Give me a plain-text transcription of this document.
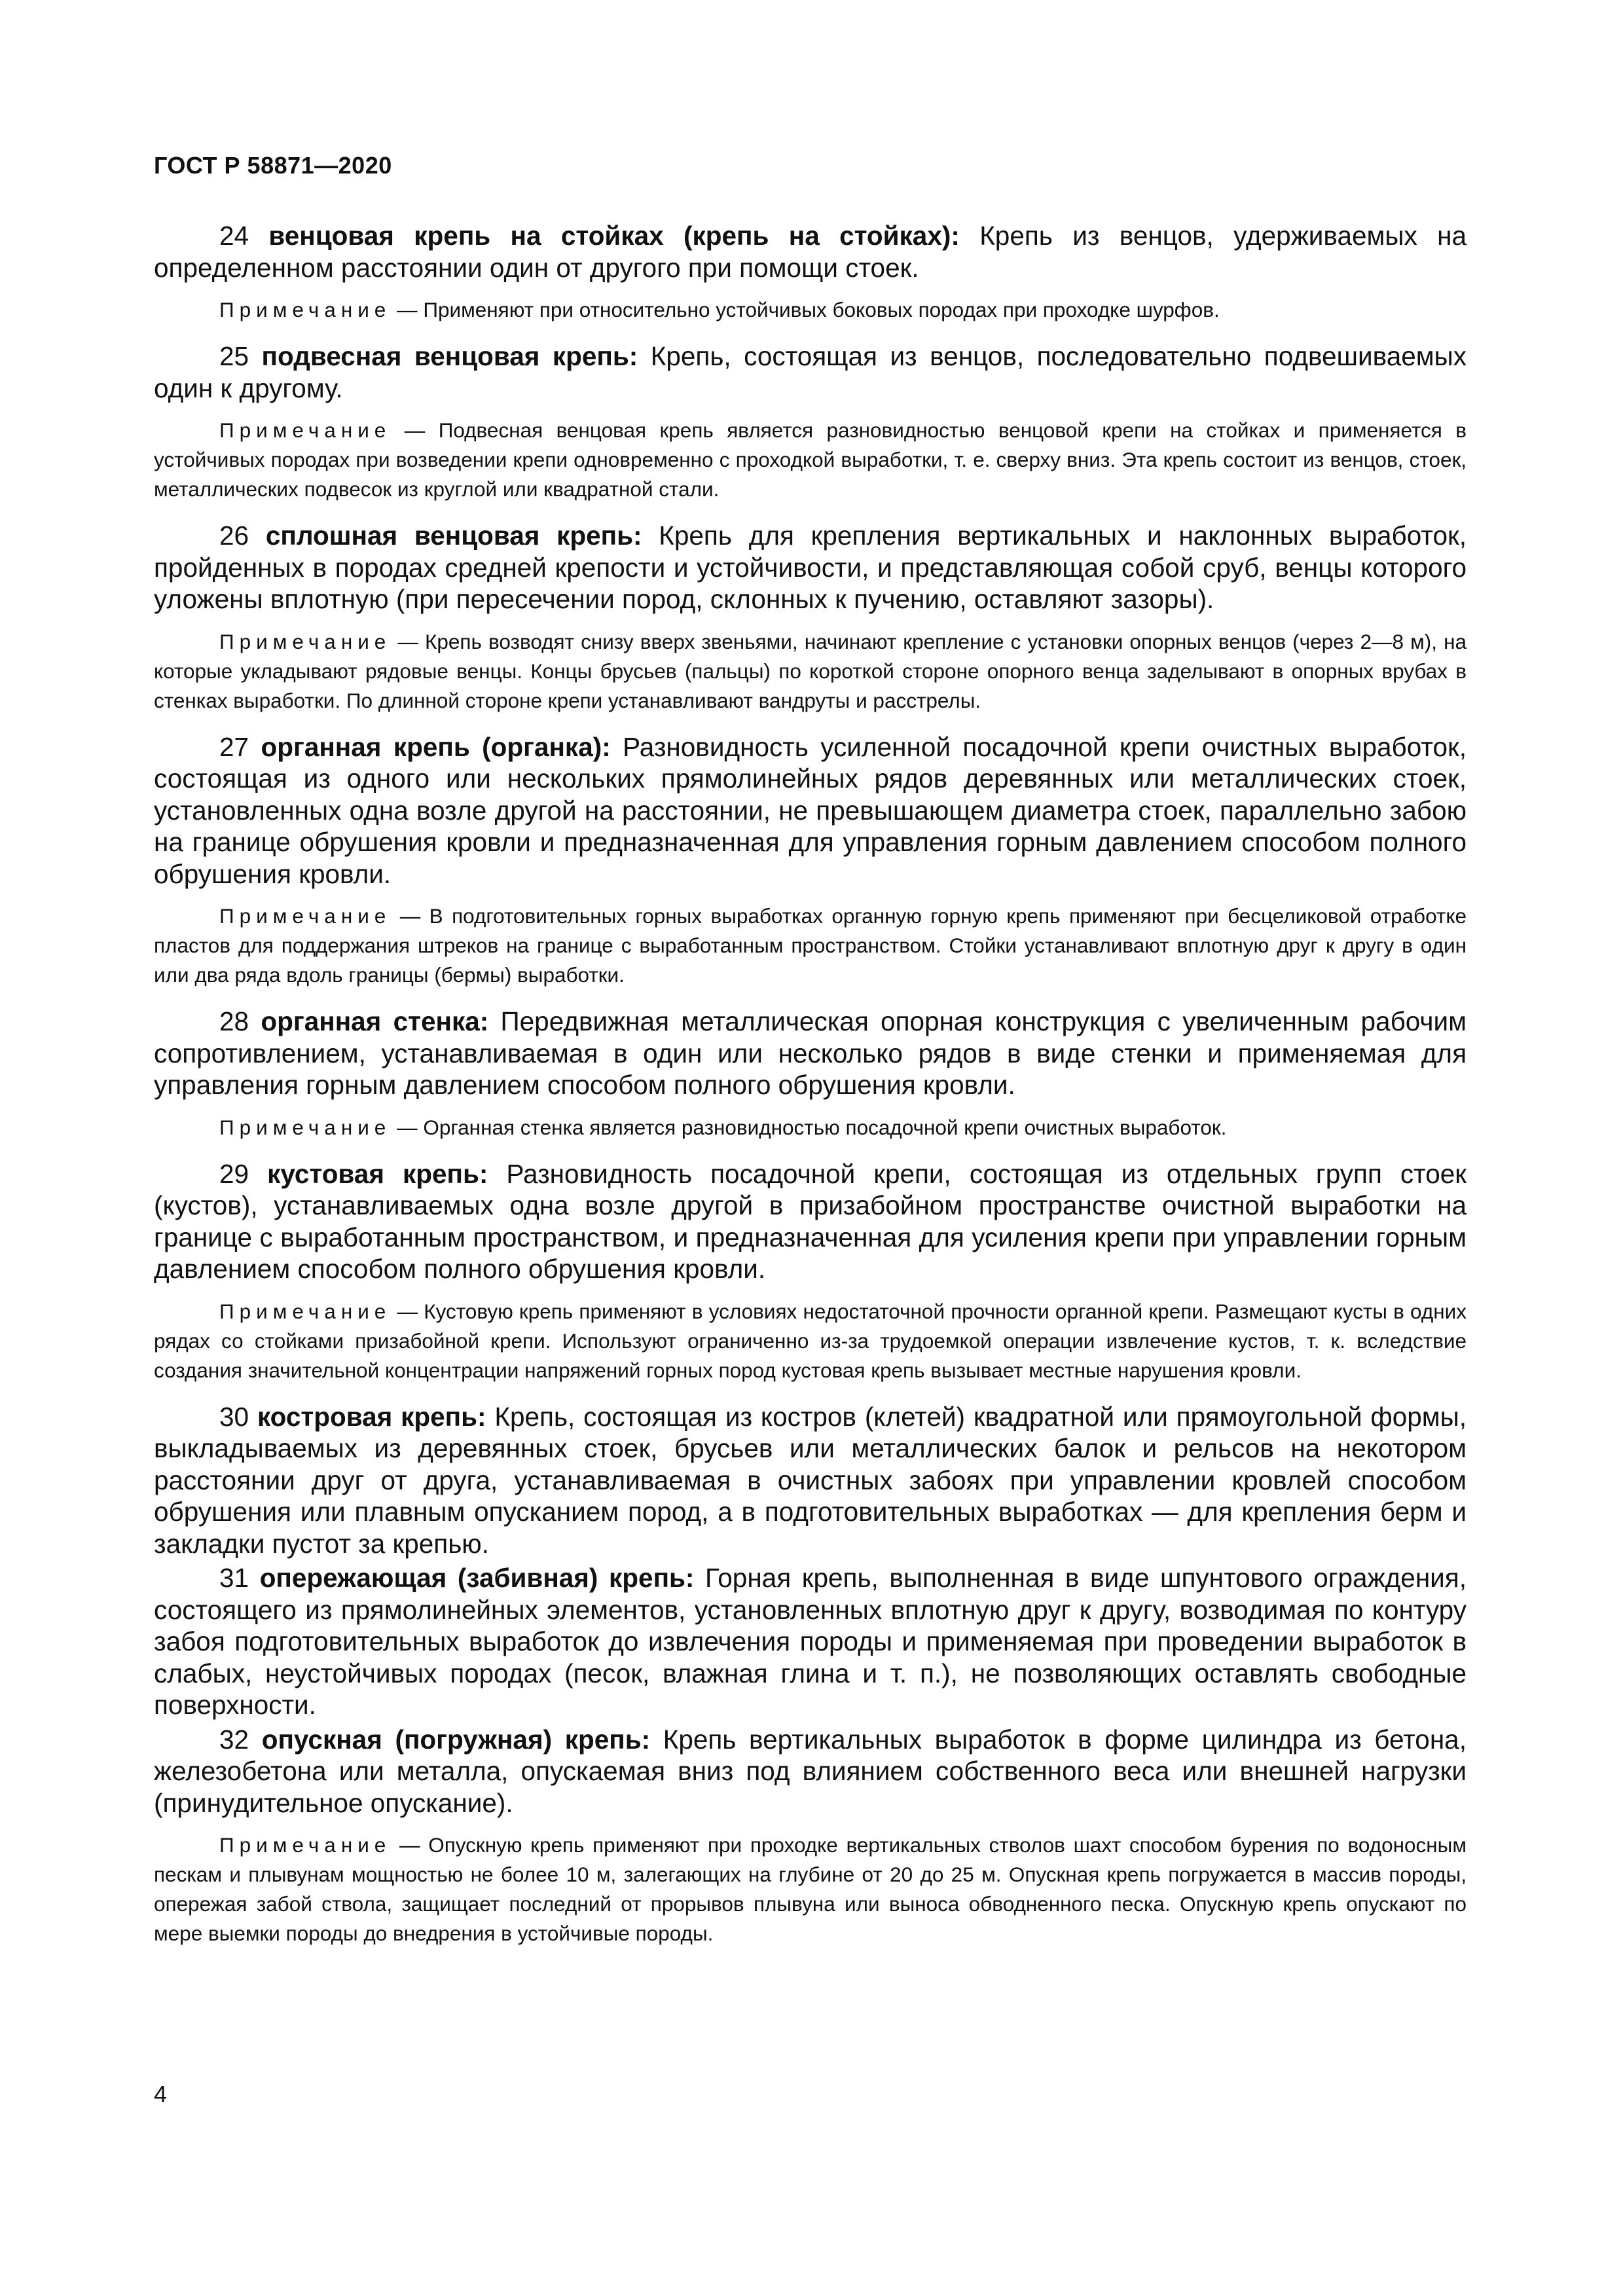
ГОСТ Р 58871—2020

24 венцовая крепь на стойках (крепь на стойках): Крепь из венцов, удерживаемых на определенном расстоянии один от другого при помощи стоек.

Примечание — Применяют при относительно устойчивых боковых породах при проходке шурфов.

25 подвесная венцовая крепь: Крепь, состоящая из венцов, последовательно подвешиваемых один к другому.

Примечание — Подвесная венцовая крепь является разновидностью венцовой крепи на стойках и применяется в устойчивых породах при возведении крепи одновременно с проходкой выработки, т. е. сверху вниз. Эта крепь состоит из венцов, стоек, металлических подвесок из круглой или квадратной стали.

26 сплошная венцовая крепь: Крепь для крепления вертикальных и наклонных выработок, пройденных в породах средней крепости и устойчивости, и представляющая собой сруб, венцы которого уложены вплотную (при пересечении пород, склонных к пучению, оставляют зазоры).

Примечание — Крепь возводят снизу вверх звеньями, начинают крепление с установки опорных венцов (через 2—8 м), на которые укладывают рядовые венцы. Концы брусьев (пальцы) по короткой стороне опорного венца заделывают в опорных врубах в стенках выработки. По длинной стороне крепи устанавливают вандруты и расстрелы.

27 органная крепь (органка): Разновидность усиленной посадочной крепи очистных выработок, состоящая из одного или нескольких прямолинейных рядов деревянных или металлических стоек, установленных одна возле другой на расстоянии, не превышающем диаметра стоек, параллельно забою на границе обрушения кровли и предназначенная для управления горным давлением способом полного обрушения кровли.

Примечание — В подготовительных горных выработках органную горную крепь применяют при бесцеликовой отработке пластов для поддержания штреков на границе с выработанным пространством. Стойки устанавливают вплотную друг к другу в один или два ряда вдоль границы (бермы) выработки.

28 органная стенка: Передвижная металлическая опорная конструкция с увеличенным рабочим сопротивлением, устанавливаемая в один или несколько рядов в виде стенки и применяемая для управления горным давлением способом полного обрушения кровли.

Примечание — Органная стенка является разновидностью посадочной крепи очистных выработок.

29 кустовая крепь: Разновидность посадочной крепи, состоящая из отдельных групп стоек (кустов), устанавливаемых одна возле другой в призабойном пространстве очистной выработки на границе с выработанным пространством, и предназначенная для усиления крепи при управлении горным давлением способом полного обрушения кровли.

Примечание — Кустовую крепь применяют в условиях недостаточной прочности органной крепи. Размещают кусты в одних рядах со стойками призабойной крепи. Используют ограниченно из-за трудоемкой операции извлечение кустов, т. к. вследствие создания значительной концентрации напряжений горных пород кустовая крепь вызывает местные нарушения кровли.

30 костровая крепь: Крепь, состоящая из костров (клетей) квадратной или прямоугольной формы, выкладываемых из деревянных стоек, брусьев или металлических балок и рельсов на некотором расстоянии друг от друга, устанавливаемая в очистных забоях при управлении кровлей способом обрушения или плавным опусканием пород, а в подготовительных выработках — для крепления берм и закладки пустот за крепью.

31 опережающая (забивная) крепь: Горная крепь, выполненная в виде шпунтового ограждения, состоящего из прямолинейных элементов, установленных вплотную друг к другу, возводимая по контуру забоя подготовительных выработок до извлечения породы и применяемая при проведении выработок в слабых, неустойчивых породах (песок, влажная глина и т. п.), не позволяющих оставлять свободные поверхности.

32 опускная (погружная) крепь: Крепь вертикальных выработок в форме цилиндра из бетона, железобетона или металла, опускаемая вниз под влиянием собственного веса или внешней нагрузки (принудительное опускание).

Примечание — Опускную крепь применяют при проходке вертикальных стволов шахт способом бурения по водоносным пескам и плывунам мощностью не более 10 м, залегающих на глубине от 20 до 25 м. Опускная крепь погружается в массив породы, опережая забой ствола, защищает последний от прорывов плывуна или выноса обводненного песка. Опускную крепь опускают по мере выемки породы до внедрения в устойчивые породы.

4
